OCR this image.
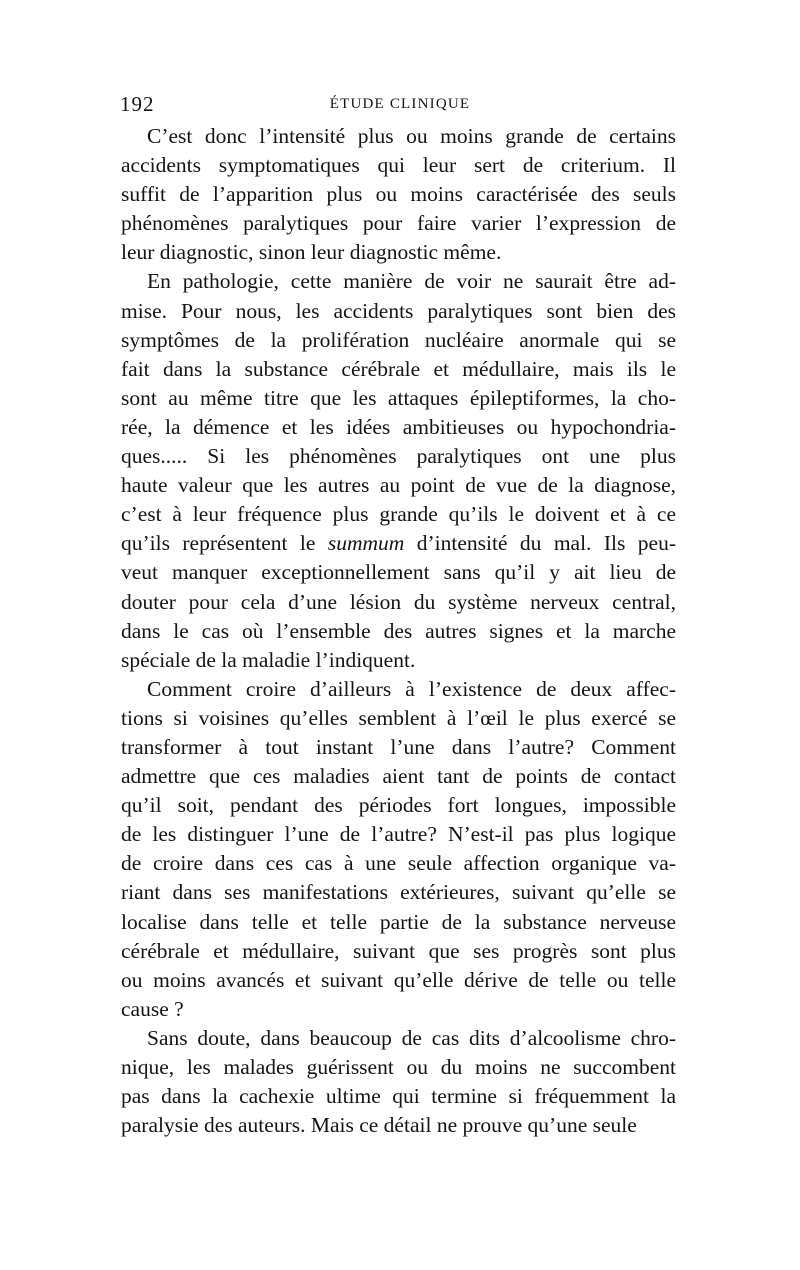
192	ÉTUDE CLINIQUE
C’est donc l’intensité plus ou moins grande de certains
accidents symptomatiques qui leur sert de criterium. Il
suffit de l’apparition plus ou moins caractérisée des seuls
phénomènes paralytiques pour faire varier l’expression de
leur diagnostic, sinon leur diagnostic même.
En pathologie, cette manière de voir ne saurait être ad-
mise. Pour nous, les accidents paralytiques sont bien des
symptômes de la prolifération nucléaire anormale qui se
fait dans la substance cérébrale et médullaire, mais ils le
sont au même titre que les attaques épileptiformes, la cho-
rée, la démence et les idées ambitieuses ou hypochondria-
ques..... Si les phénomènes paralytiques ont une plus
haute valeur que les autres au point de vue de la diagnose,
c’est à leur fréquence plus grande qu’ils le doivent et à ce
qu’ils représentent le summum d’intensité du mal. Ils peu-
veut manquer exceptionnellement sans qu’il y ait lieu de
douter pour cela d’une lésion du système nerveux central,
dans le cas où l’ensemble des autres signes et la marche
spéciale de la maladie l’indiquent.
Comment croire d’ailleurs à l’existence de deux affec-
tions si voisines qu’elles semblent à l’œil le plus exercé se
transformer à tout instant l’une dans l’autre? Comment
admettre que ces maladies aient tant de points de contact
qu’il soit, pendant des périodes fort longues, impossible
de les distinguer l’une de l’autre? N’est-il pas plus logique
de croire dans ces cas à une seule affection organique va-
riant dans ses manifestations extérieures, suivant qu’elle se
localise dans telle et telle partie de la substance nerveuse
cérébrale et médullaire, suivant que ses progrès sont plus
ou moins avancés et suivant qu’elle dérive de telle ou telle
cause ?
Sans doute, dans beaucoup de cas dits d’alcoolisme chro-
nique, les malades guérissent ou du moins ne succombent
pas dans la cachexie ultime qui termine si fréquemment la
paralysie des auteurs. Mais ce détail ne prouve qu’une seule
